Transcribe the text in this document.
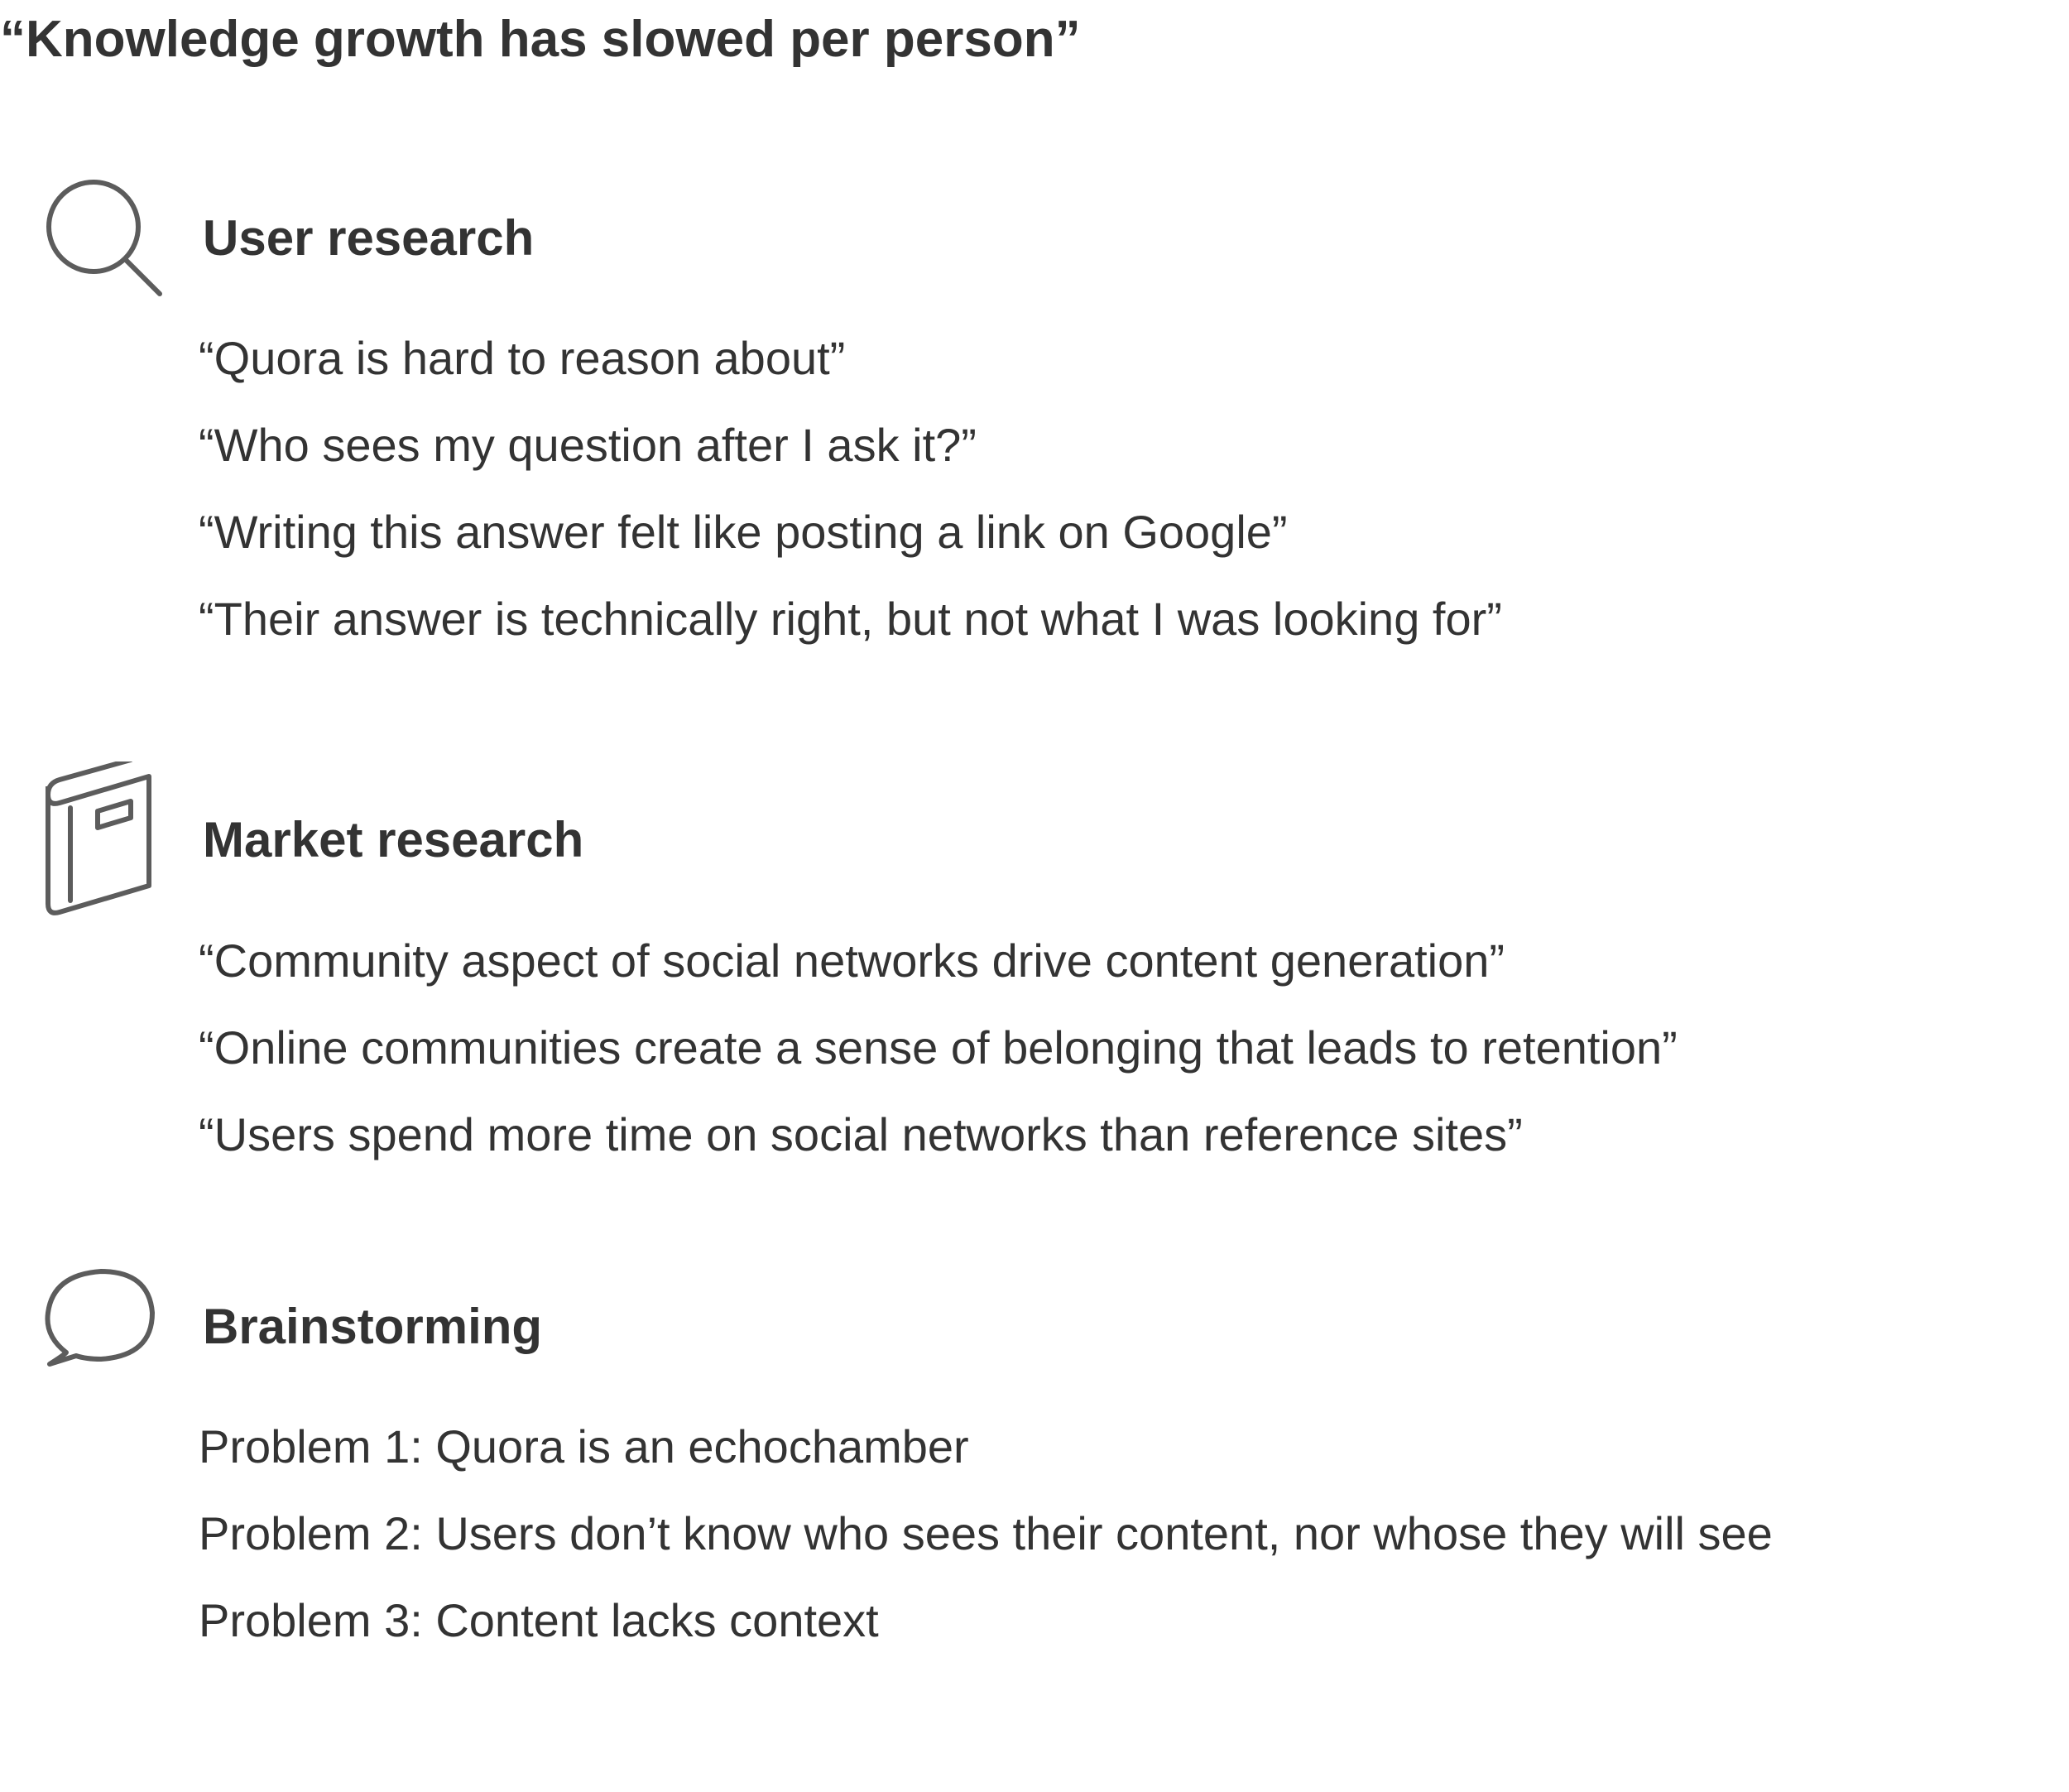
“Knowledge growth has slowed per person”
User research
“Quora is hard to reason about”
“Who sees my question after I ask it?”
“Writing this answer felt like posting a link on Google”
“Their answer is technically right, but not what I was looking for”
Market research
“Community aspect of social networks drive content generation”
“Online communities create a sense of belonging that leads to retention”
“Users spend more time on social networks than reference sites”
Brainstorming
Problem 1: Quora is an echochamber
Problem 2: Users don’t know who sees their content, nor whose they will see
Problem 3: Content lacks context
